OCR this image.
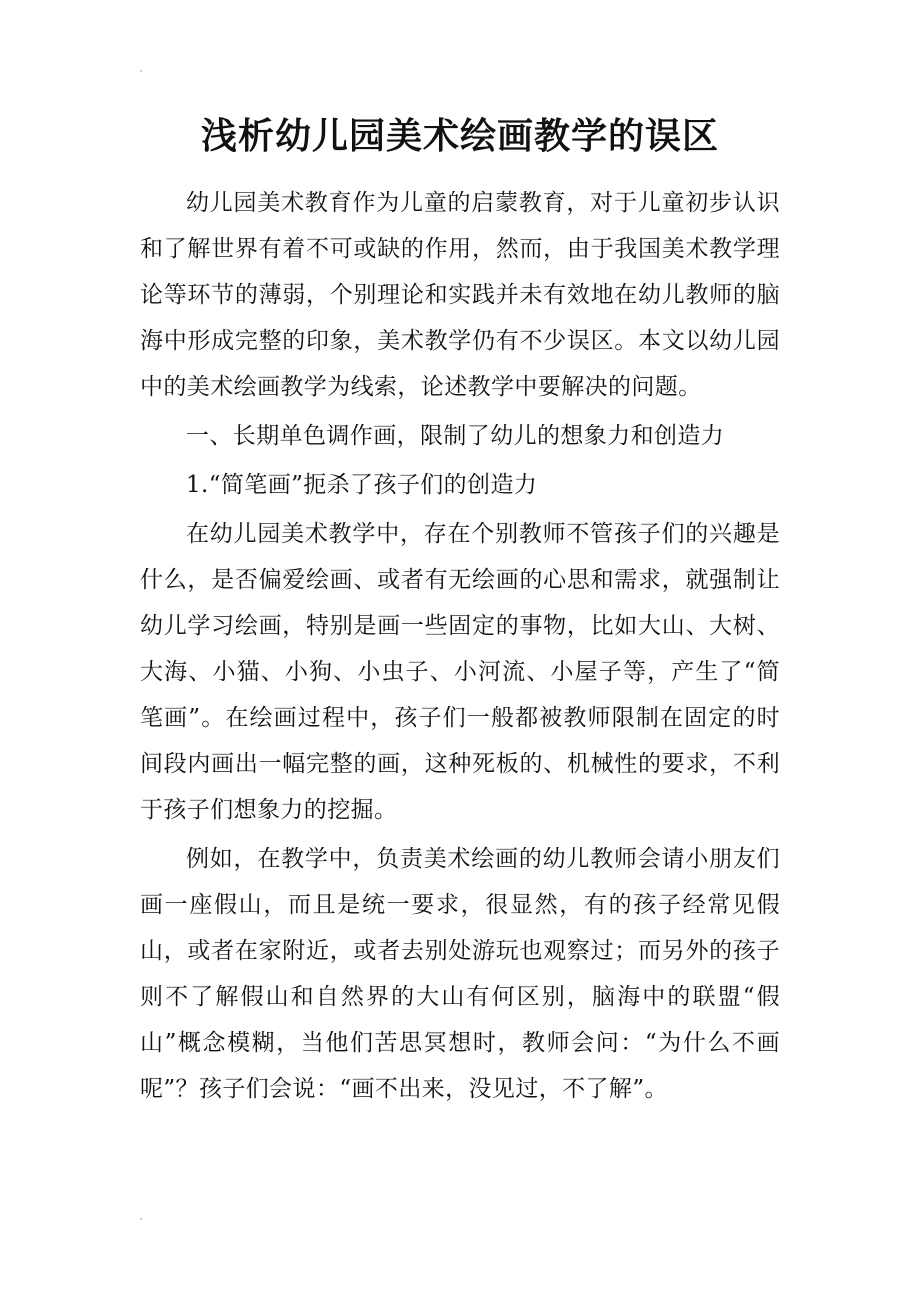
浅析幼儿园美术绘画教学的误区

幼儿园美术教育作为儿童的启蒙教育，对于儿童初步认识和了解世界有着不可或缺的作用，然而，由于我国美术教学理论等环节的薄弱，个别理论和实践并未有效地在幼儿教师的脑海中形成完整的印象，美术教学仍有不少误区。本文以幼儿园中的美术绘画教学为线索，论述教学中要解决的问题。

一、长期单色调作画，限制了幼儿的想象力和创造力

1.“简笔画”扼杀了孩子们的创造力

在幼儿园美术教学中，存在个别教师不管孩子们的兴趣是什么，是否偏爱绘画、或者有无绘画的心思和需求，就强制让幼儿学习绘画，特别是画一些固定的事物，比如大山、大树、大海、小猫、小狗、小虫子、小河流、小屋子等，产生了“简笔画”。在绘画过程中，孩子们一般都被教师限制在固定的时间段内画出一幅完整的画，这种死板的、机械性的要求，不利于孩子们想象力的挖掘。

例如，在教学中，负责美术绘画的幼儿教师会请小朋友们画一座假山，而且是统一要求，很显然，有的孩子经常见假山，或者在家附近，或者去别处游玩也观察过；而另外的孩子则不了解假山和自然界的大山有何区别，脑海中的联盟“假山”概念模糊，当他们苦思冥想时，教师会问：“为什么不画呢”？孩子们会说：“画不出来，没见过，不了解”。
